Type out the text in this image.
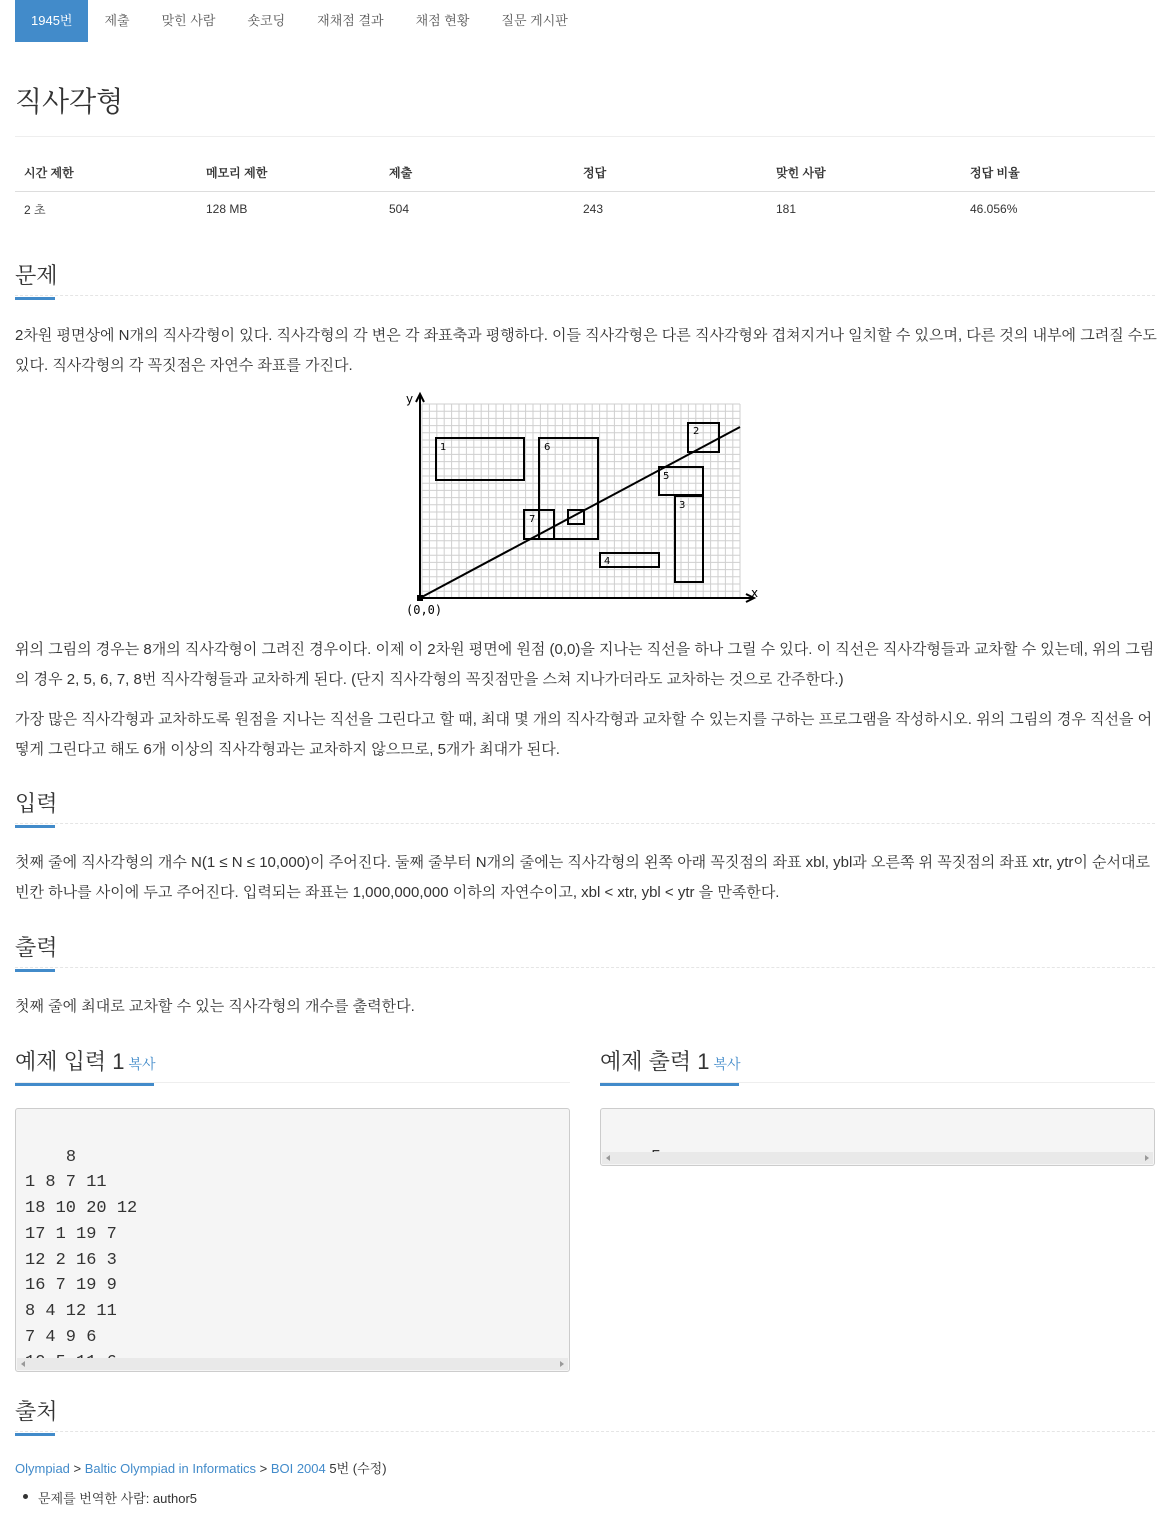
1945번	제출	맞힌 사람	숏코딩	재채점 결과	채점 현황	질문 게시판
직사각형
시간 제한	메모리 제한	제출	정답	맞힌 사람	정답 비율
2 초	128 MB	504	243	181	46.056%
문제

2차원 평면상에 N개의 직사각형이 있다. 직사각형의 각 변은 각 좌표축과 평행하다. 이들 직사각형은 다른 직사각형와 겹쳐지거나 일치할 수 있으며, 다른 것의 내부에 그려질 수도 있다. 직사각형의 각 꼭짓점은 자연수 좌표를 가진다.

y
x
(0,0)
1	6
2
5
3
7
4

위의 그림의 경우는 8개의 직사각형이 그려진 경우이다. 이제 이 2차원 평면에 원점 (0,0)을 지나는 직선을 하나 그릴 수 있다. 이 직선은 직사각형들과 교차할 수 있는데, 위의 그림의 경우 2, 5, 6, 7, 8번 직사각형들과 교차하게 된다. (단지 직사각형의 꼭짓점만을 스쳐 지나가더라도 교차하는 것으로 간주한다.)

가장 많은 직사각형과 교차하도록 원점을 지나는 직선을 그린다고 할 때, 최대 몇 개의 직사각형과 교차할 수 있는지를 구하는 프로그램을 작성하시오. 위의 그림의 경우 직선을 어떻게 그린다고 해도 6개 이상의 직사각형과는 교차하지 않으므로, 5개가 최대가 된다.

입력

첫째 줄에 직사각형의 개수 N(1 ≤ N ≤ 10,000)이 주어진다. 둘째 줄부터 N개의 줄에는 직사각형의 왼쪽 아래 꼭짓점의 좌표 xbl, ybl과 오른쪽 위 꼭짓점의 좌표 xtr, ytr이 순서대로 빈칸 하나를 사이에 두고 주어진다. 입력되는 좌표는 1,000,000,000 이하의 자연수이고, xbl < xtr, ybl < ytr 을 만족한다.

출력

첫째 줄에 최대로 교차할 수 있는 직사각형의 개수를 출력한다.

예제 입력 1 복사	예제 출력 1 복사

8
1 8 7 11
18 10 20 12
17 1 19 7
12 2 16 3
16 7 19 9
8 4 12 11
7 4 9 6

출처
Olympiad > Baltic Olympiad in Informatics > BOI 2004 5번 (수정)
문제를 번역한 사람: author5
